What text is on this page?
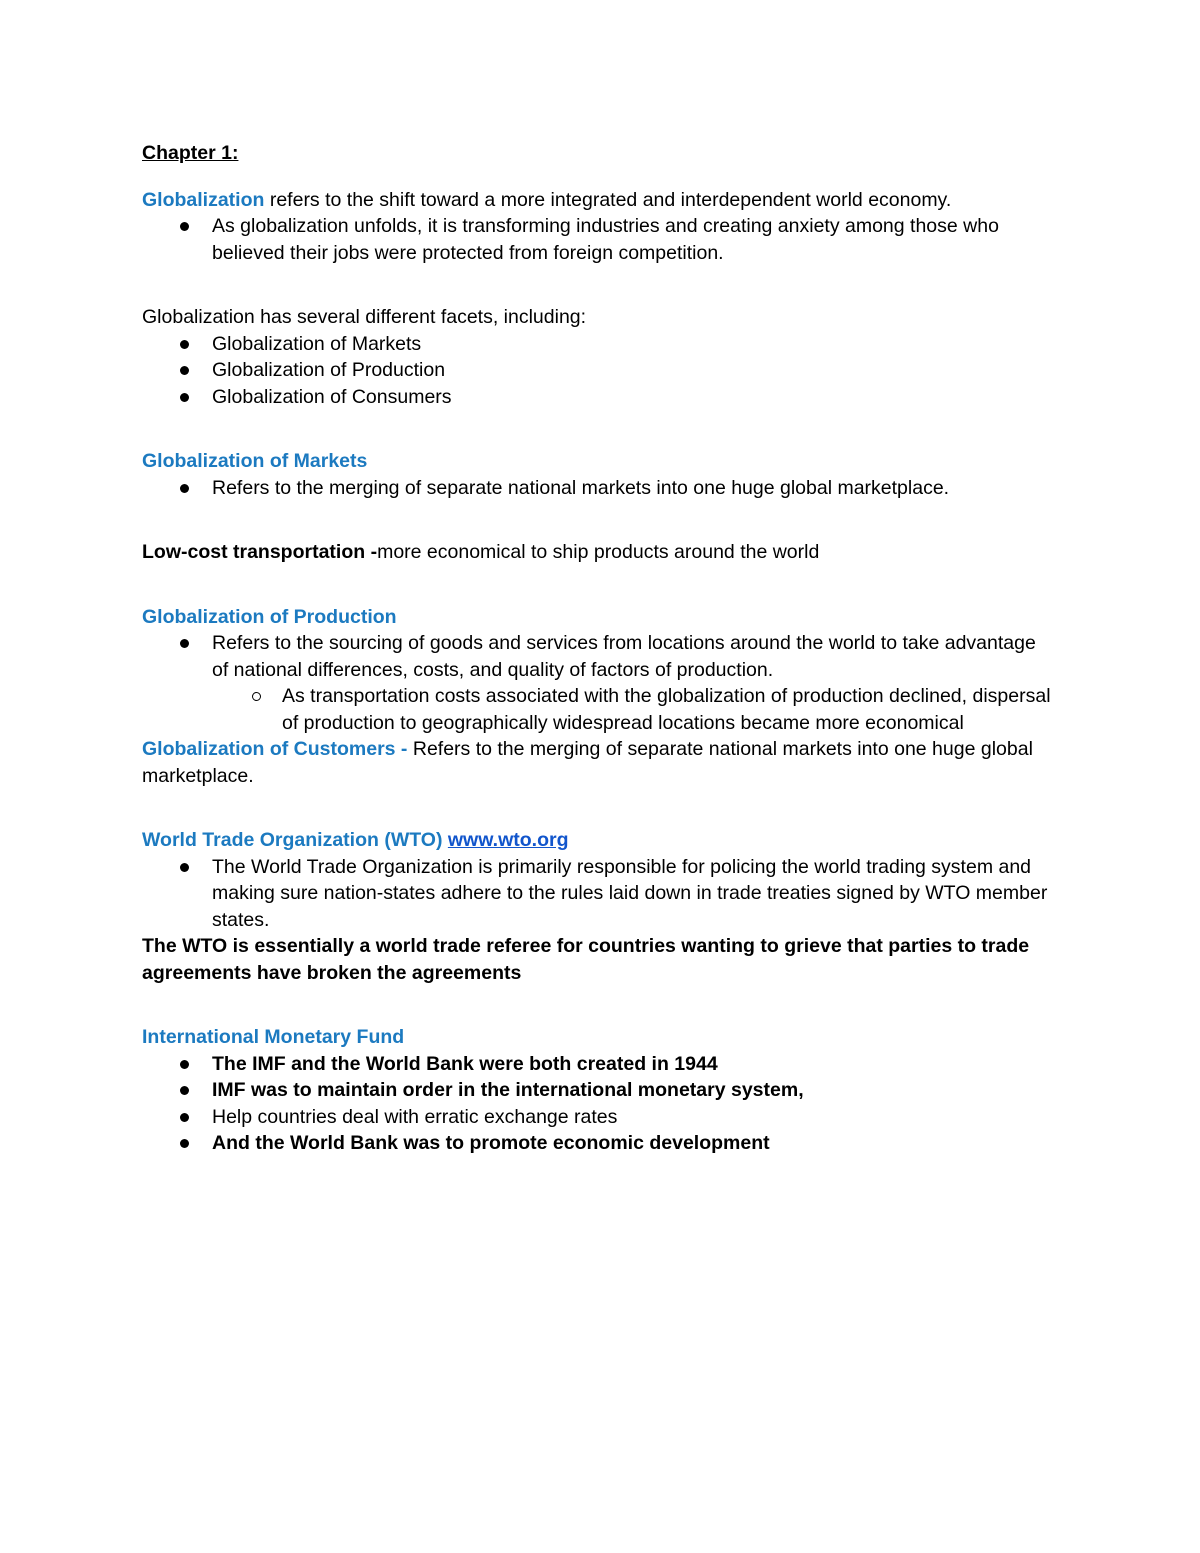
Chapter 1:

Globalization refers to the shift toward a more integrated and interdependent world economy.

As globalization unfolds, it is transforming industries and creating anxiety among those who believed their jobs were protected from foreign competition.

Globalization has several different facets, including:

Globalization of Markets
Globalization of Production
Globalization of Consumers

Globalization of Markets

Refers to the merging of separate national markets into one huge global marketplace.

Low-cost transportation -more economical to ship products around the world

Globalization of Production

Refers to the sourcing of goods and services from locations around the world to take advantage of national differences, costs, and quality of factors of production.
As transportation costs associated with the globalization of production declined, dispersal of production to geographically widespread locations became more economical

Globalization of Customers - Refers to the merging of separate national markets into one huge global marketplace.

World Trade Organization (WTO) www.wto.org

The World Trade Organization is primarily responsible for policing the world trading system and making sure nation-states adhere to the rules laid down in trade treaties signed by WTO member states.

The WTO is essentially a world trade referee for countries wanting to grieve that parties to trade agreements have broken the agreements

International Monetary Fund

The IMF and the World Bank were both created in 1944
IMF was to maintain order in the international monetary system,
Help countries deal with erratic exchange rates
And the World Bank was to promote economic development
